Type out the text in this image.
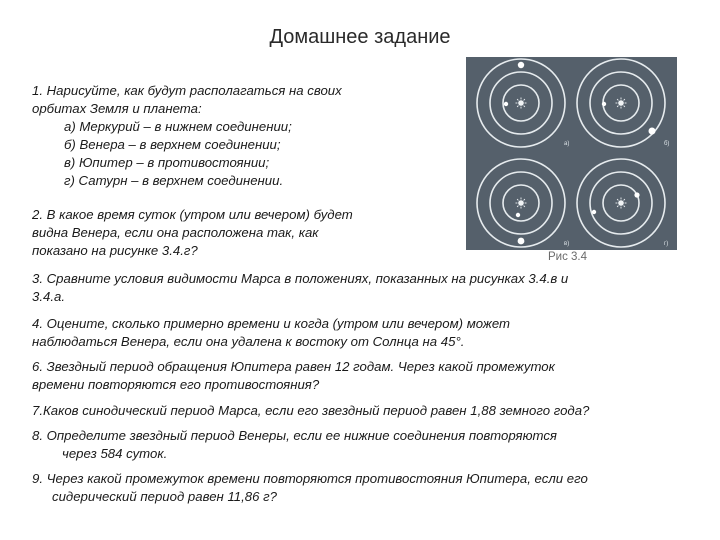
Домашнее задание
1. Нарисуйте, как будут располагаться на своих
орбитах Земля и планета:
а) Меркурий – в нижнем соединении;
б) Венера – в верхнем соединении;
в) Юпитер – в противостоянии;
г) Сатурн – в верхнем соединении.
2. В какое время суток (утром или вечером) будет
видна Венера, если она расположена так, как
показано на рисунке 3.4.г?
а)	б)
в)	г)
Рис 3.4
3. Сравните условия видимости Марса в положениях, показанных на рисунках 3.4.в и
3.4.а.
4. Оцените, сколько примерно времени и когда (утром или вечером) может
наблюдаться Венера, если она удалена к востоку от Солнца на 45°.
6. Звездный период обращения Юпитера равен 12 годам. Через какой промежуток
времени повторяются его противостояния?
7.Каков синодический период Марса, если его звездный период равен 1,88 земного года?
8. Определите звездный период Венеры, если ее нижние соединения повторяются
через 584 суток.
9. Через какой промежуток времени повторяются противостояния Юпитера, если его
сидерический период равен 11,86 г?
